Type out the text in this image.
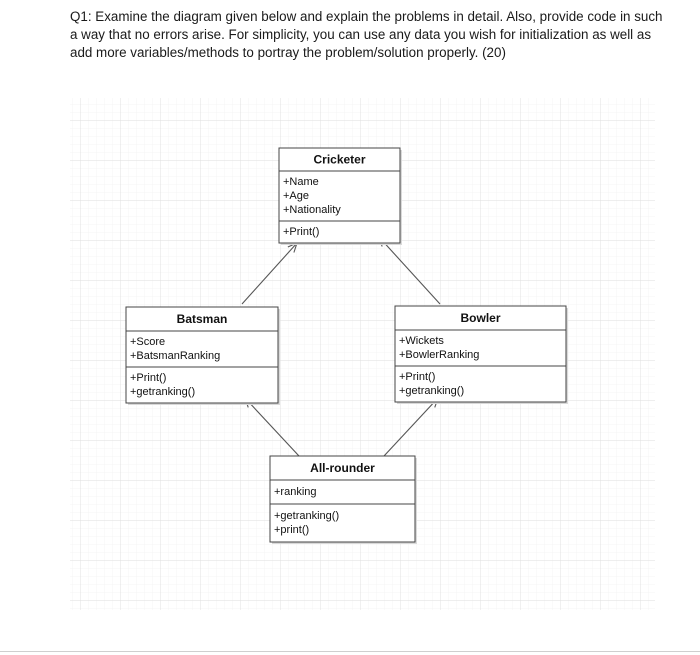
Q1: Examine the diagram given below and explain the problems in detail. Also, provide code in such a way that no errors arise. For simplicity, you can use any data you wish for initialization as well as add more variables/methods to portray the problem/solution properly. (20)
Cricketer
+Name
+Age
+Nationality
+Print()
Batsman
+Score
+BatsmanRanking
+Print()
+getranking()
Bowler
+Wickets
+BowlerRanking
+Print()
+getranking()
All-rounder
+ranking
+getranking()
+print()
